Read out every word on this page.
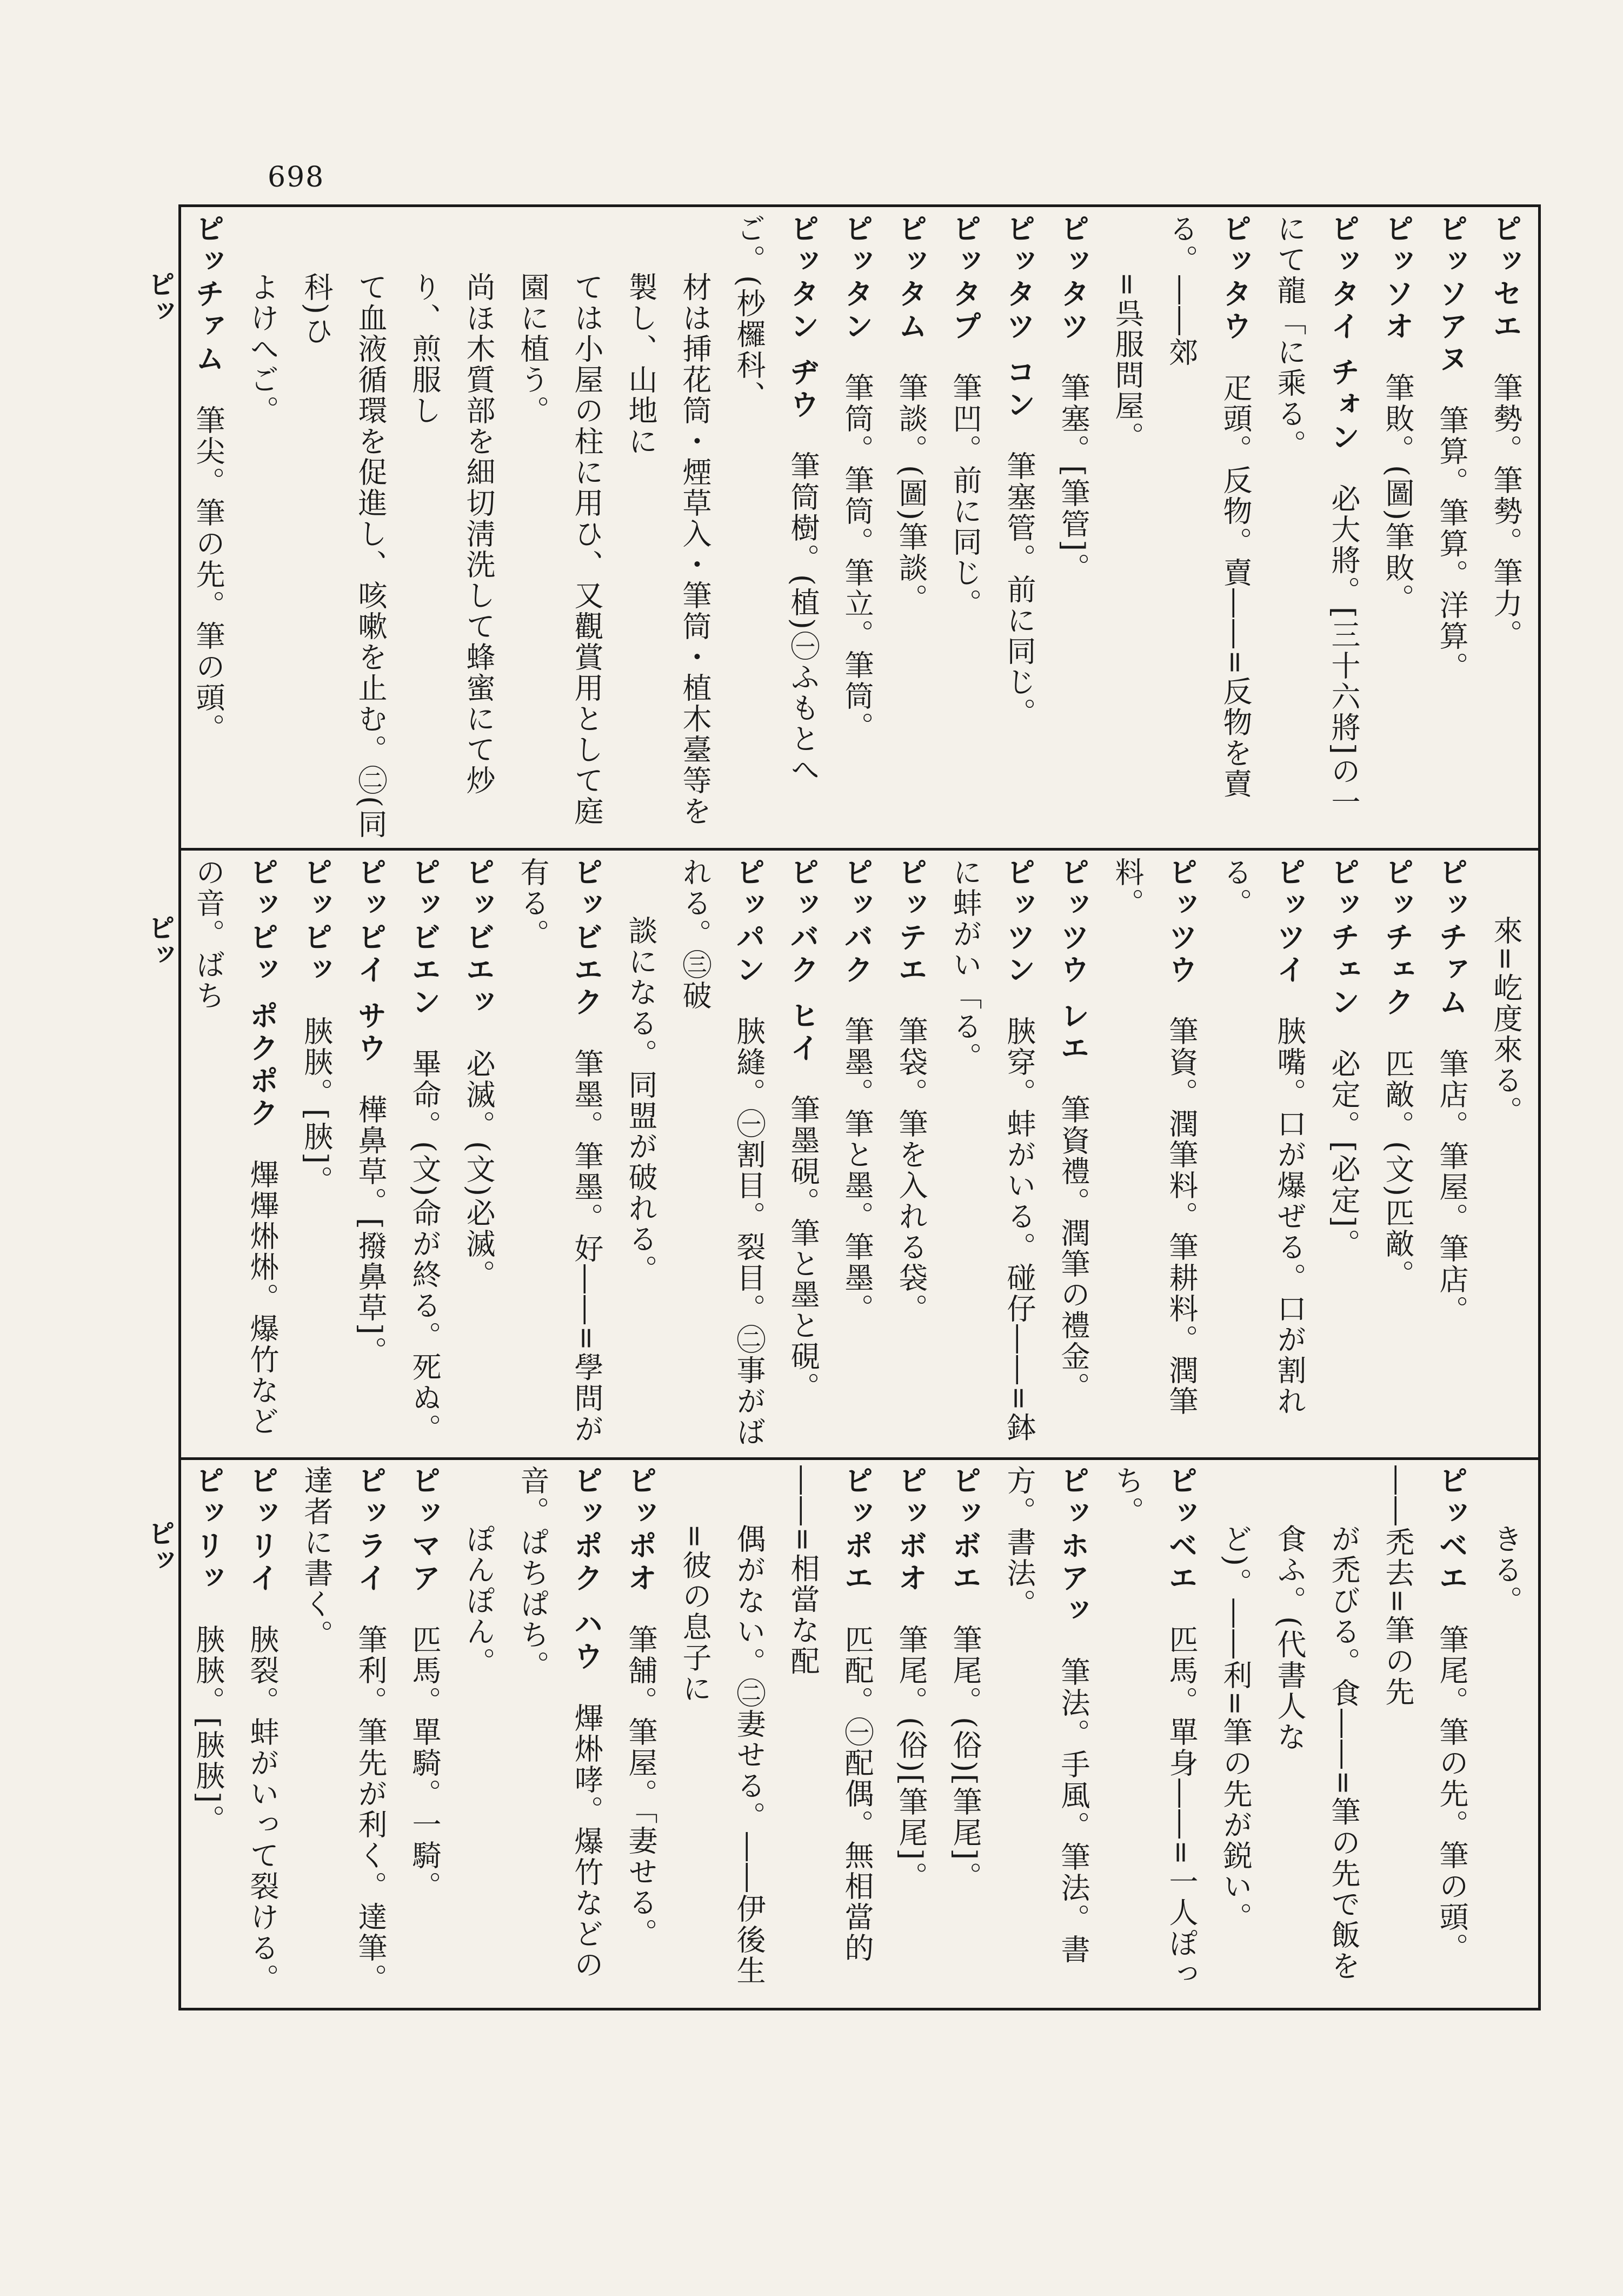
698
ピッ
ピッ
ピッ

ピッセエ　筆勢。筆勢。筆力。

ピッソアヌ　筆算。筆算。洋算。

ピッソオ　筆敗。(圖)筆敗。

ピッタイ チォン　必大將。[三十六將]の一にて龍「に乘る。

ピッタウ　疋頭。反物。賣――=反物を賣る。――郊

=呉服問屋。

ピッタツ　筆塞。[筆管]。

ピッタツ コン　筆塞管。前に同じ。

ピッタプ　筆凹。前に同じ。

ピッタム　筆談。(圖)筆談。

ピッタン　筆筒。筆筒。筆立。筆筒。

ピッタン ヂウ　筆筒樹。(植)㊀ふもとへご。(杪欏科、

材は挿花筒・煙草入・筆筒・植木臺等を製し、山地に

ては小屋の柱に用ひ、又觀賞用として庭園に植う。

尚ほ木質部を細切淸洗して蜂蜜にて炒り、煎服し

て血液循環を促進し、咳嗽を止む。㊁(同科)ひ

よけへご。

ピッチァム　筆尖。筆の先。筆の頭。

來=屹度來る。

ピッチァム　筆店。筆屋。筆店。

ピッチェク　匹敵。(文)匹敵。

ピッチェン　必定。[必定]。

ピッツイ　脥嘴。口が爆ぜる。口が割れる。

ピッツウ　筆資。潤筆料。筆耕料。潤筆料。

ピッツウ レエ　筆資禮。潤筆の禮金。

ピッツン　脥穿。蚌がいる。碰仔――=鉢に蚌がい「る。

ピッテエ　筆袋。筆を入れる袋。

ピッバク　筆墨。筆と墨。筆墨。

ピッバク ヒイ　筆墨硯。筆と墨と硯。

ピッパン　脥縫。㊀割目。裂目。㊁事がばれる。㊂破

談になる。同盟が破れる。

ピッビエク　筆墨。筆墨。好――=學問が有る。

ピッビエッ　必滅。(文)必滅。

ピッビエン　畢命。(文)命が終る。死ぬ。

ピッピイ サウ　樺鼻草。[撥鼻草]。

ピッピッ　脥脥。[脥]。

ピッピッ ポクポク　熚熚烞烞。爆竹などの音。ばち

きる。

ピッベエ　筆尾。筆の先。筆の頭。――禿去=筆の先

が禿びる。食――=筆の先で飯を食ふ。(代書人な

ど)。――利=筆の先が鋭い。

ピッベエ　匹馬。單身――=一人ぽっち。

ピッホアッ　筆法。手風。筆法。書方。書法。

ピッボエ　筆尾。(俗)[筆尾]。

ピッボオ　筆尾。(俗)[筆尾]。

ピッポエ　匹配。㊀配偶。無相當的――=相當な配

偶がない。㊁妻せる。――伊後生=彼の息子に

ピッポオ　筆舗。筆屋。「妻せる。

ピッポク ハウ　熚烞哮。爆竹などの音。ぱちぱち。

ぽんぽん。

ピッマア　匹馬。單騎。一騎。

ピッライ　筆利。筆先が利く。達筆。達者に書く。

ピッリイ　脥裂。蚌がいって裂ける。

ピッリッ　脥脥。[脥脥]。
